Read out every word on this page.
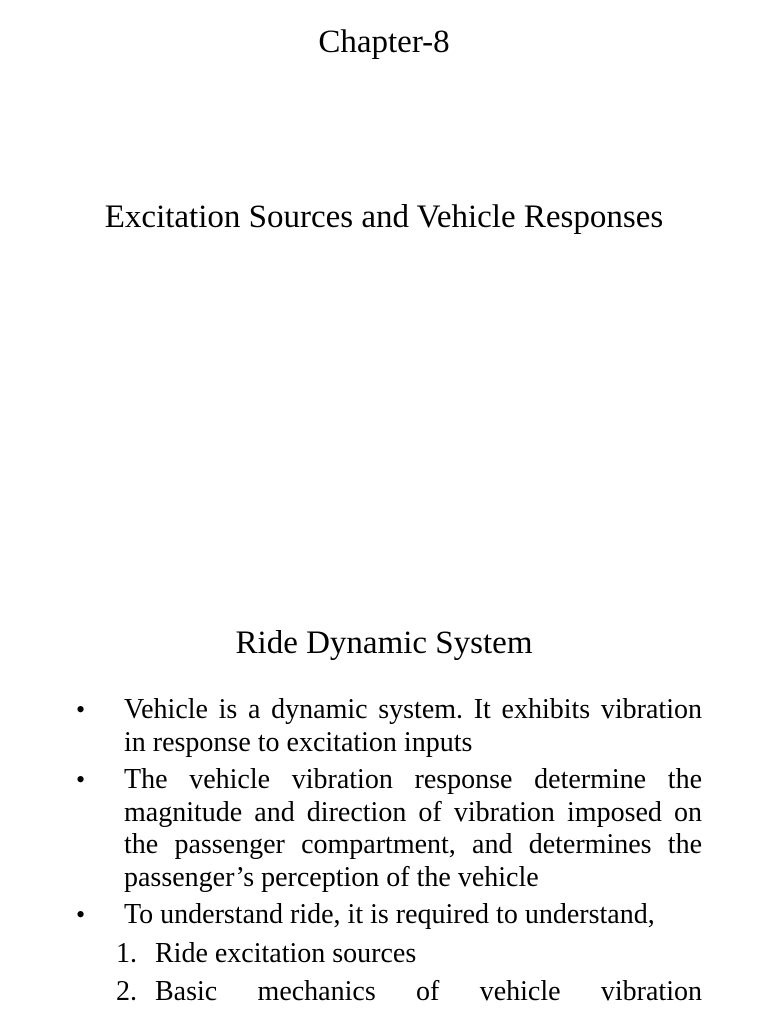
Chapter-8
Excitation Sources and Vehicle Responses
Ride Dynamic System
• Vehicle is a dynamic system. It exhibits vibration in response to excitation inputs
• The vehicle vibration response determine the magnitude and direction of vibration imposed on the passenger compartment, and determines the passenger’s perception of the vehicle
• To understand ride, it is required to understand,
1. Ride excitation sources
2. Basic mechanics of vehicle vibration
